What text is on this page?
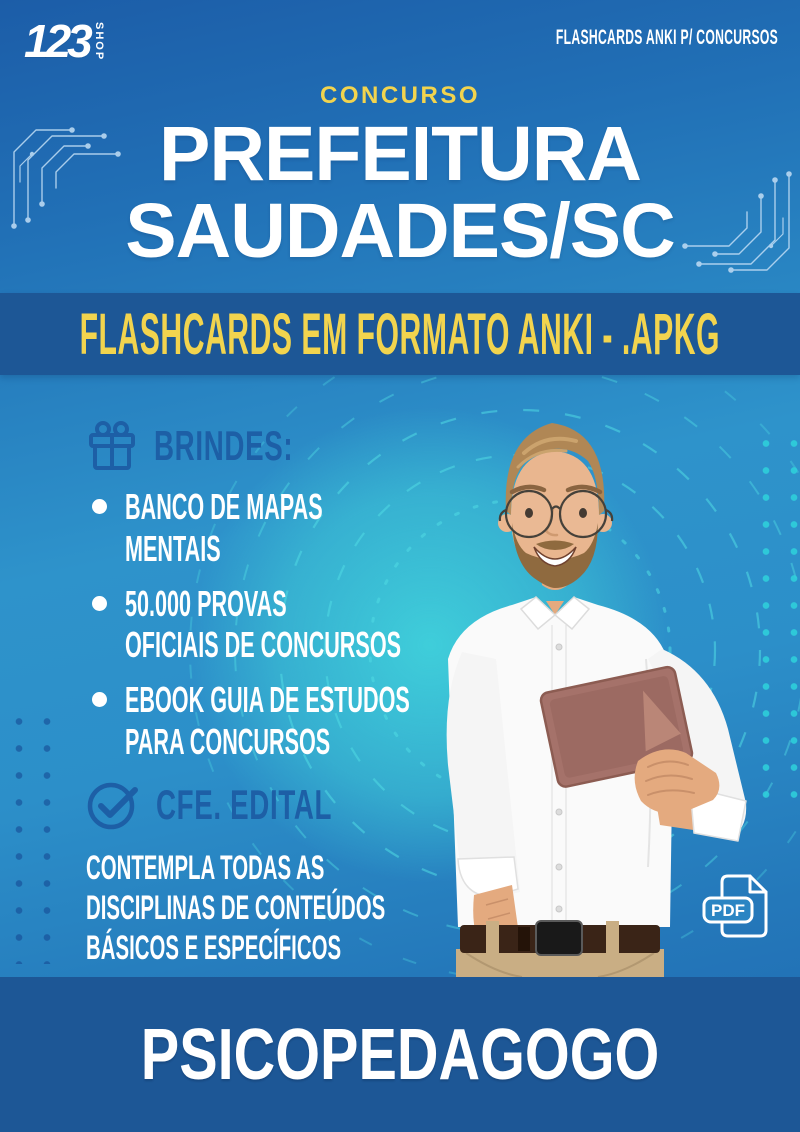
123 SHOP	FLASHCARDS ANKI P/ CONCURSOS
CONCURSO
PREFEITURA
SAUDADES/SC
FLASHCARDS EM FORMATO ANKI - .APKG
BRINDES:
BANCO DE MAPAS
MENTAIS
50.000 PROVAS
OFICIAIS DE CONCURSOS
EBOOK GUIA DE ESTUDOS
PARA CONCURSOS
CFE. EDITAL
CONTEMPLA TODAS AS
DISCIPLINAS DE CONTEÚDOS
BÁSICOS E ESPECÍFICOS
PDF
PSICOPEDAGOGO
